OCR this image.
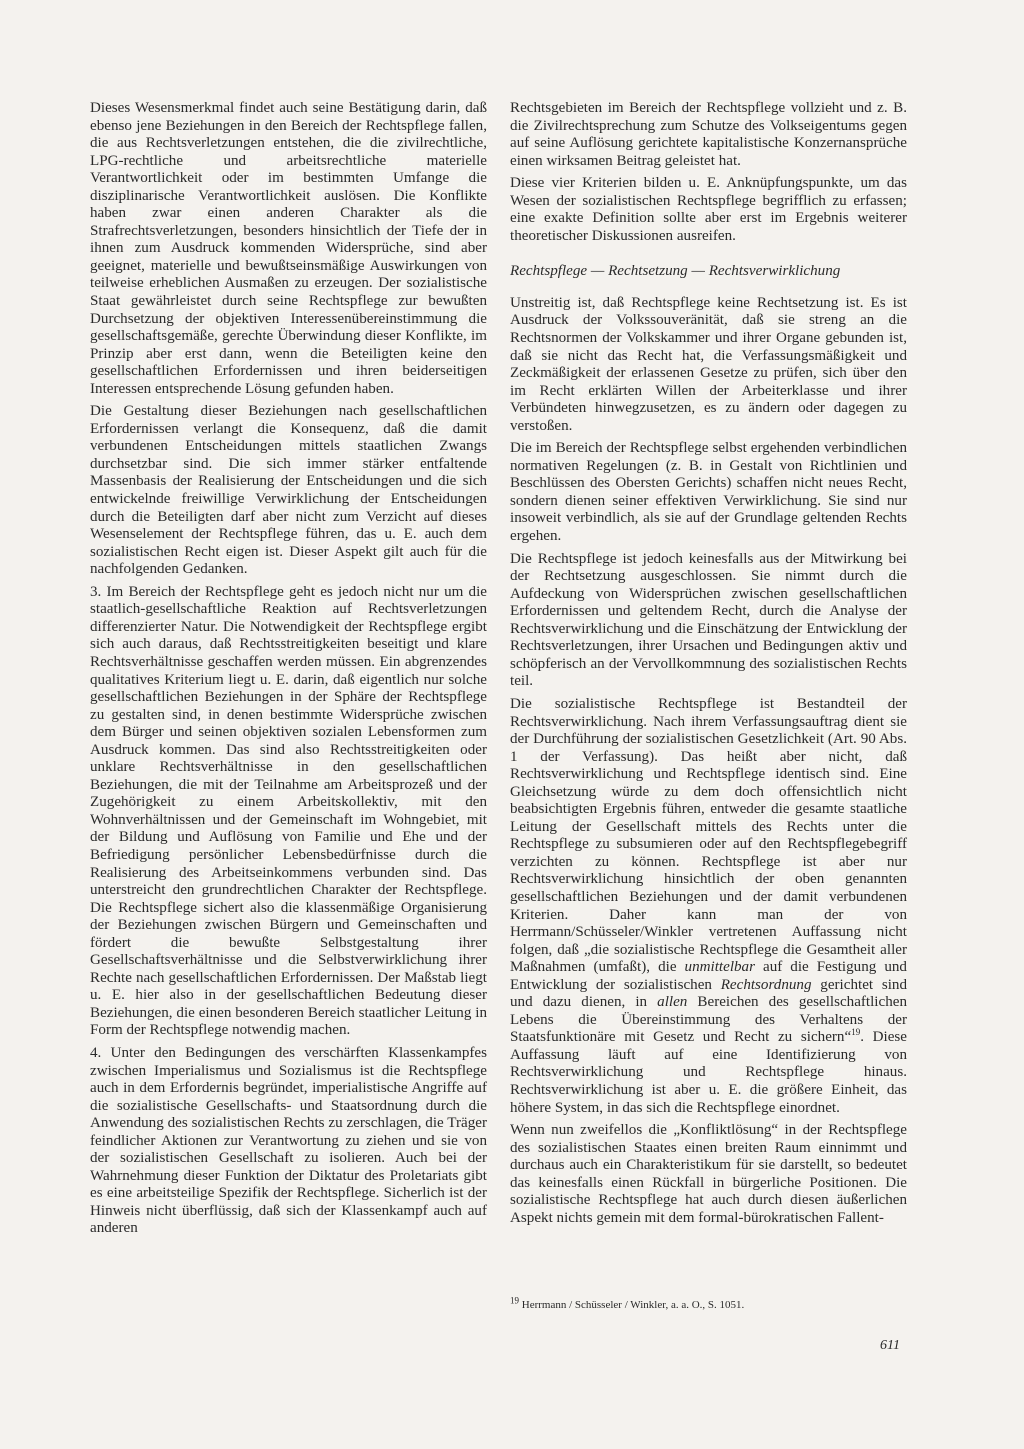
Dieses Wesensmerkmal findet auch seine Bestätigung darin, daß ebenso jene Beziehungen in den Bereich der Rechtspflege fallen, die aus Rechtsverletzungen entstehen, die die zivilrechtliche, LPG-rechtliche und arbeitsrechtliche materielle Verantwortlichkeit oder im bestimmten Umfange die disziplinarische Verantwortlichkeit auslösen. Die Konflikte haben zwar einen anderen Charakter als die Strafrechtsverletzungen, besonders hinsichtlich der Tiefe der in ihnen zum Ausdruck kommenden Widersprüche, sind aber geeignet, materielle und bewußtseinsmäßige Auswirkungen von teilweise erheblichen Ausmaßen zu erzeugen. Der sozialistische Staat gewährleistet durch seine Rechtspflege zur bewußten Durchsetzung der objektiven Interessenübereinstimmung die gesellschaftsgemäße, gerechte Überwindung dieser Konflikte, im Prinzip aber erst dann, wenn die Beteiligten keine den gesellschaftlichen Erfordernissen und ihren beiderseitigen Interessen entsprechende Lösung gefunden haben.

Die Gestaltung dieser Beziehungen nach gesellschaftlichen Erfordernissen verlangt die Konsequenz, daß die damit verbundenen Entscheidungen mittels staatlichen Zwangs durchsetzbar sind. Die sich immer stärker entfaltende Massenbasis der Realisierung der Entscheidungen und die sich entwickelnde freiwillige Verwirklichung der Entscheidungen durch die Beteiligten darf aber nicht zum Verzicht auf dieses Wesenselement der Rechtspflege führen, das u. E. auch dem sozialistischen Recht eigen ist. Dieser Aspekt gilt auch für die nachfolgenden Gedanken.

3. Im Bereich der Rechtspflege geht es jedoch nicht nur um die staatlich-gesellschaftliche Reaktion auf Rechtsverletzungen differenzierter Natur. Die Notwendigkeit der Rechtspflege ergibt sich auch daraus, daß Rechtsstreitigkeiten beseitigt und klare Rechtsverhältnisse geschaffen werden müssen. Ein abgrenzendes qualitatives Kriterium liegt u. E. darin, daß eigentlich nur solche gesellschaftlichen Beziehungen in der Sphäre der Rechtspflege zu gestalten sind, in denen bestimmte Widersprüche zwischen dem Bürger und seinen objektiven sozialen Lebensformen zum Ausdruck kommen. Das sind also Rechtsstreitigkeiten oder unklare Rechtsverhältnisse in den gesellschaftlichen Beziehungen, die mit der Teilnahme am Arbeitsprozeß und der Zugehörigkeit zu einem Arbeitskollektiv, mit den Wohnverhältnissen und der Gemeinschaft im Wohngebiet, mit der Bildung und Auflösung von Familie und Ehe und der Befriedigung persönlicher Lebensbedürfnisse durch die Realisierung des Arbeitseinkommens verbunden sind. Das unterstreicht den grundrechtlichen Charakter der Rechtspflege. Die Rechtspflege sichert also die klassenmäßige Organisierung der Beziehungen zwischen Bürgern und Gemeinschaften und fördert die bewußte Selbstgestaltung ihrer Gesellschaftsverhältnisse und die Selbstverwirklichung ihrer Rechte nach gesellschaftlichen Erfordernissen. Der Maßstab liegt u. E. hier also in der gesellschaftlichen Bedeutung dieser Beziehungen, die einen besonderen Bereich staatlicher Leitung in Form der Rechtspflege notwendig machen.

4. Unter den Bedingungen des verschärften Klassenkampfes zwischen Imperialismus und Sozialismus ist die Rechtspflege auch in dem Erfordernis begründet, imperialistische Angriffe auf die sozialistische Gesellschafts- und Staatsordnung durch die Anwendung des sozialistischen Rechts zu zerschlagen, die Träger feindlicher Aktionen zur Verantwortung zu ziehen und sie von der sozialistischen Gesellschaft zu isolieren. Auch bei der Wahrnehmung dieser Funktion der Diktatur des Proletariats gibt es eine arbeitsteilige Spezifik der Rechtspflege. Sicherlich ist der Hinweis nicht überflüssig, daß sich der Klassenkampf auch auf anderen

Rechtsgebieten im Bereich der Rechtspflege vollzieht und z. B. die Zivilrechtsprechung zum Schutze des Volkseigentums gegen auf seine Auflösung gerichtete kapitalistische Konzernansprüche einen wirksamen Beitrag geleistet hat.

Diese vier Kriterien bilden u. E. Anknüpfungspunkte, um das Wesen der sozialistischen Rechtspflege begrifflich zu erfassen; eine exakte Definition sollte aber erst im Ergebnis weiterer theoretischer Diskussionen ausreifen.

Rechtspflege — Rechtsetzung — Rechtsverwirklichung

Unstreitig ist, daß Rechtspflege keine Rechtsetzung ist. Es ist Ausdruck der Volkssouveränität, daß sie streng an die Rechtsnormen der Volkskammer und ihrer Organe gebunden ist, daß sie nicht das Recht hat, die Verfassungsmäßigkeit und Zeckmäßigkeit der erlassenen Gesetze zu prüfen, sich über den im Recht erklärten Willen der Arbeiterklasse und ihrer Verbündeten hinwegzusetzen, es zu ändern oder dagegen zu verstoßen.

Die im Bereich der Rechtspflege selbst ergehenden verbindlichen normativen Regelungen (z. B. in Gestalt von Richtlinien und Beschlüssen des Obersten Gerichts) schaffen nicht neues Recht, sondern dienen seiner effektiven Verwirklichung. Sie sind nur insoweit verbindlich, als sie auf der Grundlage geltenden Rechts ergehen.

Die Rechtspflege ist jedoch keinesfalls aus der Mitwirkung bei der Rechtsetzung ausgeschlossen. Sie nimmt durch die Aufdeckung von Widersprüchen zwischen gesellschaftlichen Erfordernissen und geltendem Recht, durch die Analyse der Rechtsverwirklichung und die Einschätzung der Entwicklung der Rechtsverletzungen, ihrer Ursachen und Bedingungen aktiv und schöpferisch an der Vervollkommnung des sozialistischen Rechts teil.

Die sozialistische Rechtspflege ist Bestandteil der Rechtsverwirklichung. Nach ihrem Verfassungsauftrag dient sie der Durchführung der sozialistischen Gesetzlichkeit (Art. 90 Abs. 1 der Verfassung). Das heißt aber nicht, daß Rechtsverwirklichung und Rechtspflege identisch sind. Eine Gleichsetzung würde zu dem doch offensichtlich nicht beabsichtigten Ergebnis führen, entweder die gesamte staatliche Leitung der Gesellschaft mittels des Rechts unter die Rechtspflege zu subsumieren oder auf den Rechtspflegebegriff verzichten zu können. Rechtspflege ist aber nur Rechtsverwirklichung hinsichtlich der oben genannten gesellschaftlichen Beziehungen und der damit verbundenen Kriterien. Daher kann man der von Herrmann/Schüsseler/Winkler vertretenen Auffassung nicht folgen, daß „die sozialistische Rechtspflege die Gesamtheit aller Maßnahmen (umfaßt), die unmittelbar auf die Festigung und Entwicklung der sozialistischen Rechtsordnung gerichtet sind und dazu dienen, in allen Bereichen des gesellschaftlichen Lebens die Übereinstimmung des Verhaltens der Staatsfunktionäre mit Gesetz und Recht zu sichern“$^{19}$. Diese Auffassung läuft auf eine Identifizierung von Rechtsverwirklichung und Rechtspflege hinaus. Rechtsverwirklichung ist aber u. E. die größere Einheit, das höhere System, in das sich die Rechtspflege einordnet.

Wenn nun zweifellos die „Konfliktlösung“ in der Rechtspflege des sozialistischen Staates einen breiten Raum einnimmt und durchaus auch ein Charakteristikum für sie darstellt, so bedeutet das keinesfalls einen Rückfall in bürgerliche Positionen. Die sozialistische Rechtspflege hat auch durch diesen äußerlichen Aspekt nichts gemein mit dem formal-bürokratischen Fallent-

$^{19}$ Herrmann / Schüsseler / Winkler, a. a. O., S. 1051.
611
